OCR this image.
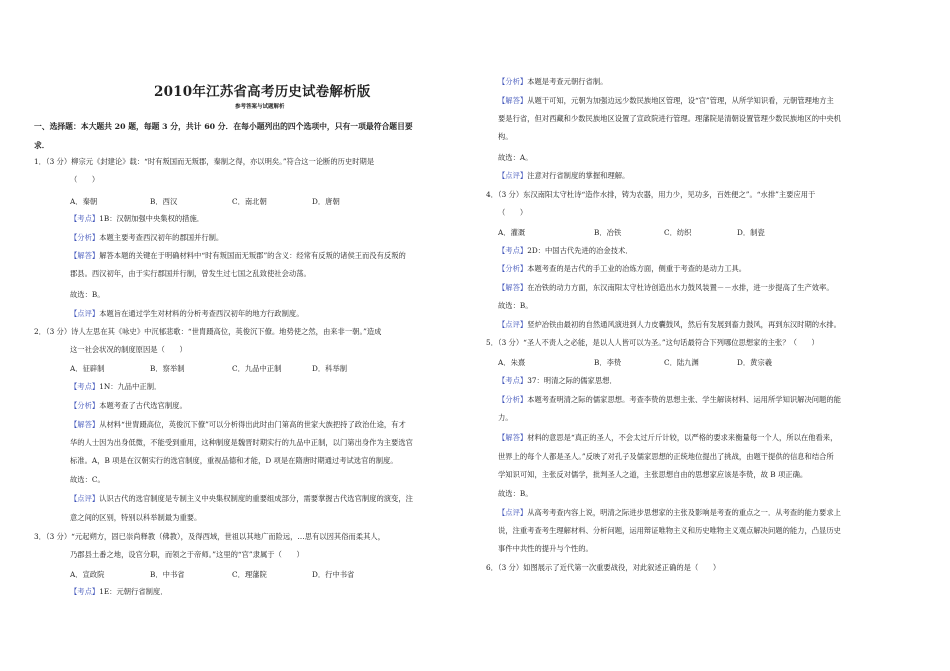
2010年江苏省高考历史试卷解析版
参考答案与试题解析
一、选择题：本大题共 20 题，每题 3 分，共计 60 分．在每小题列出的四个选项中，只有一项最符合题目要
求．
1．（3 分）柳宗元《封建论》载：“时有叛国而无叛郡，秦制之得，亦以明矣。”符合这一论断的历史时期是
（　　）
A．秦朝	B．西汉	C．南北朝	D．唐朝
【考点】1B：汉朝加强中央集权的措施．
【分析】本题主要考查西汉初年的郡国并行制。
【解答】解答本题的关键在于明确材料中“时有叛国而无叛郡”的含义：经常有反叛的诸侯王而没有反叛的
郡县。西汉初年，由于实行郡国并行制，曾发生过七国之乱致使社会动荡。
故选：B。
【点评】本题旨在通过学生对材料的分析考查西汉初年的地方行政制度。
2．（3 分）诗人左思在其《咏史》中沉郁悲歌：“世胄蹑高位，英俊沉下僚。地势使之然，由来非一朝。”造成
这一社会状况的制度原因是（　　）
A．征辟制	B．察举制	C．九品中正制	D．科举制
【考点】1N：九品中正制．
【分析】本题考查了古代选官制度。
【解答】从材料“世胄蹑高位，英俊沉下僚”可以分析得出此时由门第高的世家大族把持了政治仕途，有才
华的人士因为出身低微，不能受到重用，这种制度是魏晋时期实行的九品中正制，以门第出身作为主要选官
标准。A，B 项是在汉朝实行的选官制度，重视品德和才能，D 项是在隋唐时期通过考试选官的制度。
故选：C。
【点评】认识古代的选官制度是专制主义中央集权制度的重要组成部分，需要掌握古代选官制度的演变，注
意之间的区别，特别以科举制最为重要。
3．（3 分）“元起朔方，固已崇尚释教（佛教），及得西域，世祖以其地广而险远，…思有以因其俗而柔其人，
乃郡县土番之地，设官分职，而领之于帝师。”这里的“官”隶属于（　　）
A．宣政院	B．中书省	C．理藩院	D．行中书省
【考点】1E：元朝行省制度．
【分析】本题是考查元朝行省制。
【解答】从题干可知，元朝为加强边远少数民族地区管理，设“官”管理，从所学知识看，元朝管理地方主
要是行省，但对西藏和少数民族地区设置了宣政院进行管理。理藩院是清朝设置管理少数民族地区的中央机
构。
故选：A。
【点评】注意对行省制度的掌握和理解。
4．（3 分）东汉南阳太守杜诗“造作水排，铸为农器，用力少，见功多，百姓便之”。“水排”主要应用于
（　　）
A．灌溉	B．冶铁	C．纺织	D．制瓷
【考点】2D：中国古代先进的冶金技术．
【分析】本题考查的是古代的手工业的冶炼方面，侧重于考查的是动力工具。
【解答】在冶铁的动力方面，东汉南阳太守杜诗创造出水力鼓风装置－－水排，进一步提高了生产效率。
故选：B。
【点评】竖炉冶铁由最初的自然通风演进到人力皮囊鼓风，然后有发展到畜力鼓风，再到东汉时期的水排。
5．（3 分）“圣人不责人之必能，是以人人皆可以为圣。”这句话最符合下列哪位思想家的主张？（　　）
A．朱熹	B．李贽	C．陆九渊	D．黄宗羲
【考点】37：明清之际的儒家思想．
【分析】本题考查明清之际的儒家思想。考查李贽的思想主张、学生解读材料、运用所学知识解决问题的能
力。
【解答】材料的意思是“真正的圣人，不会太过斤斤计较，以严格的要求来衡量每一个人，所以在他看来，
世界上的每个人都是圣人。”反映了对孔子及儒家思想的正统地位提出了挑战，由题干提供的信息和结合所
学知识可知，主张反对儒学，批判圣人之道，主张思想自由的思想家应该是李贽，故 B 项正确。
故选：B。
【点评】从高考考查内容上说，明清之际进步思想家的主张及影响是考查的重点之一．从考查的能力要求上
说，注重考查考生理解材料、分析问题，运用辩证唯物主义和历史唯物主义观点解决问题的能力，凸显历史
事件中共性的提升与个性的。
6．（3 分）如图展示了近代第一次重要战役，对此叙述正确的是（　　）
